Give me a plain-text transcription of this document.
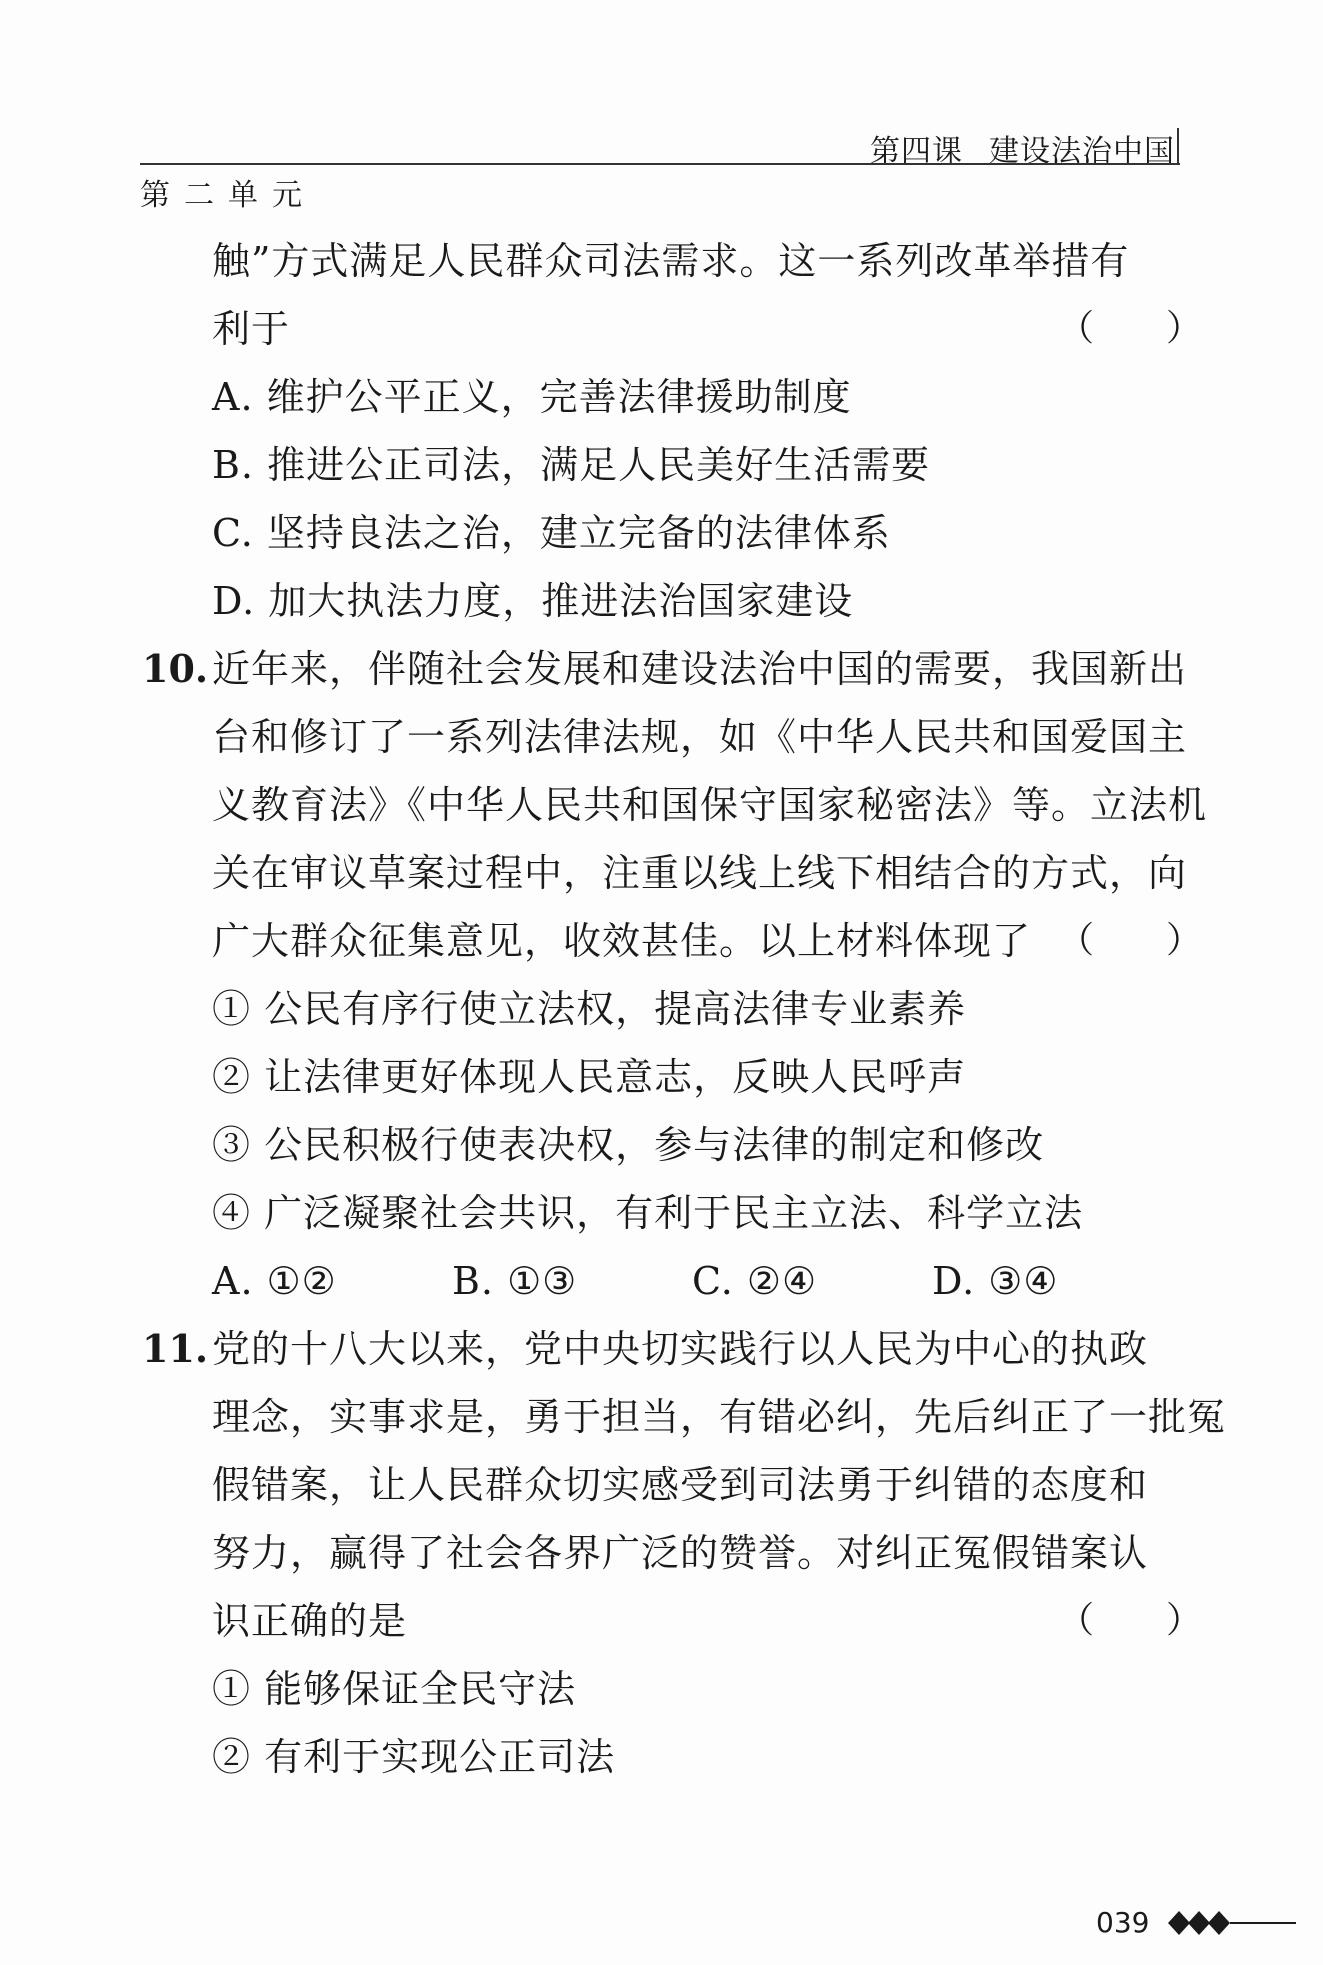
第四课 建设法治中国
第二单元
触”方式满足人民群众司法需求。这一系列改革举措有
利于	（　　）
A. 维护公平正义，完善法律援助制度
B. 推进公正司法，满足人民美好生活需要
C. 坚持良法之治，建立完备的法律体系
D. 加大执法力度，推进法治国家建设
10. 近年来，伴随社会发展和建设法治中国的需要，我国新出
台和修订了一系列法律法规，如《中华人民共和国爱国主
义教育法》《中华人民共和国保守国家秘密法》等。立法机
关在审议草案过程中，注重以线上线下相结合的方式，向
广大群众征集意见，收效甚佳。以上材料体现了 （　　）
① 公民有序行使立法权，提高法律专业素养
② 让法律更好体现人民意志，反映人民呼声
③ 公民积极行使表决权，参与法律的制定和修改
④ 广泛凝聚社会共识，有利于民主立法、科学立法
A. ①②	B. ①③	C. ②④	D. ③④
11. 党的十八大以来，党中央切实践行以人民为中心的执政
理念，实事求是，勇于担当，有错必纠，先后纠正了一批冤
假错案，让人民群众切实感受到司法勇于纠错的态度和
努力，赢得了社会各界广泛的赞誉。对纠正冤假错案认
识正确的是	（　　）
① 能够保证全民守法
② 有利于实现公正司法
039
